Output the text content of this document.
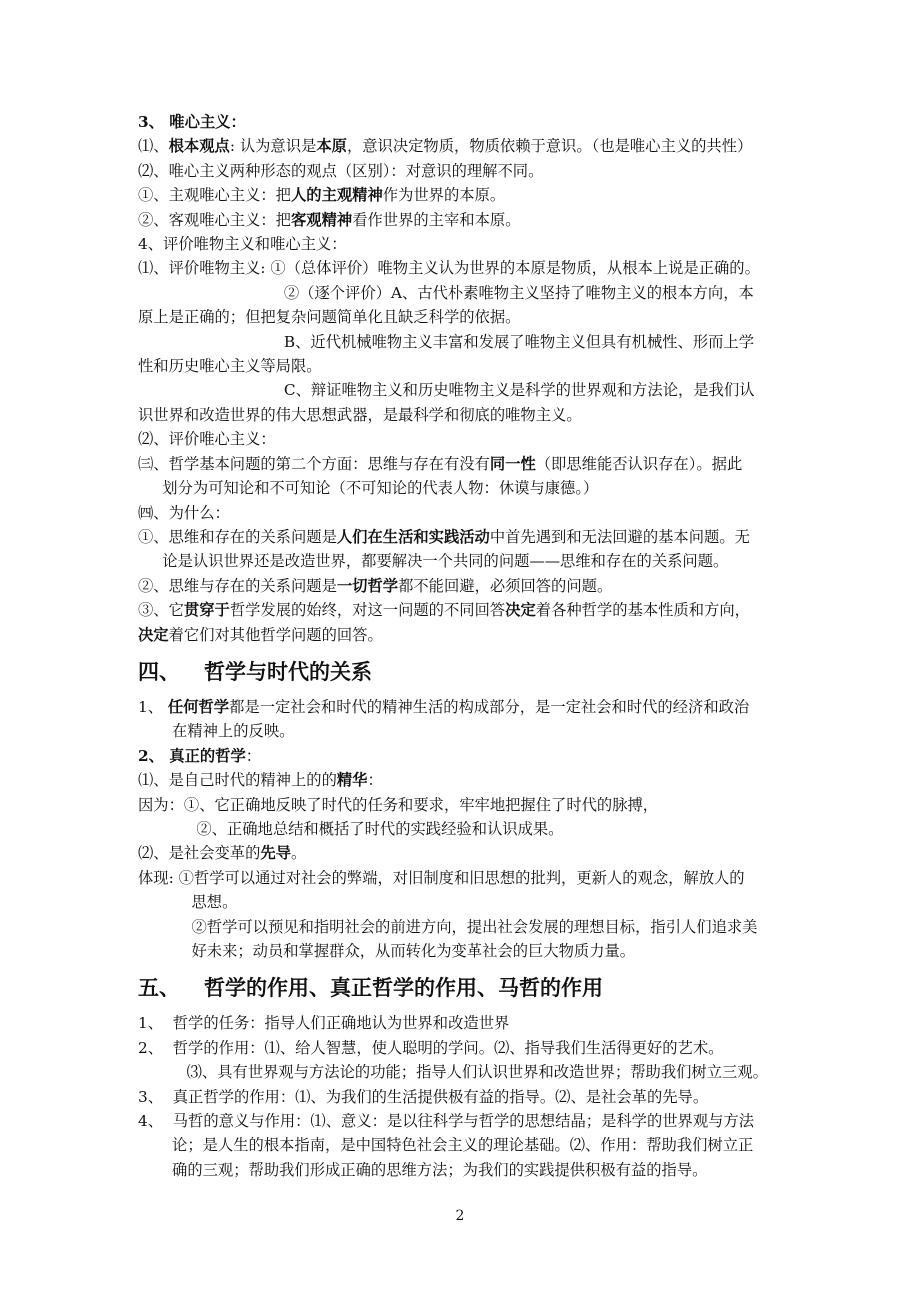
3、 唯心主义：
⑴、根本观点: 认为意识是本原，意识决定物质，物质依赖于意识。（也是唯心主义的共性）
⑵、唯心主义两种形态的观点（区别）：对意识的理解不同。
①、主观唯心主义：把人的主观精神作为世界的本原。
②、客观唯心主义：把客观精神看作世界的主宰和本原。
4、评价唯物主义和唯心主义：
⑴、评价唯物主义: ①（总体评价）唯物主义认为世界的本原是物质，从根本上说是正确的。
②（逐个评价）A、古代朴素唯物主义坚持了唯物主义的根本方向，本
原上是正确的；但把复杂问题简单化且缺乏科学的依据。
B、近代机械唯物主义丰富和发展了唯物主义但具有机械性、形而上学
性和历史唯心主义等局限。
C、辩证唯物主义和历史唯物主义是科学的世界观和方法论，是我们认
识世界和改造世界的伟大思想武器，是最科学和彻底的唯物主义。
⑵、评价唯心主义：
㈢、哲学基本问题的第二个方面：思维与存在有没有同一性（即思维能否认识存在）。据此
划分为可知论和不可知论（不可知论的代表人物：休谟与康德。）
㈣、为什么：
①、思维和存在的关系问题是人们在生活和实践活动中首先遇到和无法回避的基本问题。无
论是认识世界还是改造世界，都要解决一个共同的问题——思维和存在的关系问题。
②、思维与存在的关系问题是一切哲学都不能回避，必须回答的问题。
③、它贯穿于哲学发展的始终，对这一问题的不同回答决定着各种哲学的基本性质和方向，
决定着它们对其他哲学问题的回答。
四、 哲学与时代的关系
1、 任何哲学都是一定社会和时代的精神生活的构成部分，是一定社会和时代的经济和政治
在精神上的反映。
2、 真正的哲学：
⑴、是自己时代的精神上的的精华：
因为：①、它正确地反映了时代的任务和要求，牢牢地把握住了时代的脉搏，
②、正确地总结和概括了时代的实践经验和认识成果。
⑵、是社会变革的先导。
体现: ①哲学可以通过对社会的弊端，对旧制度和旧思想的批判，更新人的观念，解放人的
思想。
②哲学可以预见和指明社会的前进方向，提出社会发展的理想目标，指引人们追求美
好未来；动员和掌握群众，从而转化为变革社会的巨大物质力量。
五、 哲学的作用、真正哲学的作用、马哲的作用
1、  哲学的任务：指导人们正确地认为世界和改造世界
2、  哲学的作用：⑴、给人智慧，使人聪明的学问。⑵、指导我们生活得更好的艺术。
⑶、具有世界观与方法论的功能；指导人们认识世界和改造世界；帮助我们树立三观。
3、  真正哲学的作用：⑴、为我们的生活提供极有益的指导。⑵、是社会革的先导。
4、  马哲的意义与作用：⑴、意义：是以往科学与哲学的思想结晶；是科学的世界观与方法
论；是人生的根本指南，是中国特色社会主义的理论基础。⑵、作用：帮助我们树立正
确的三观；帮助我们形成正确的思维方法；为我们的实践提供积极有益的指导。
2
